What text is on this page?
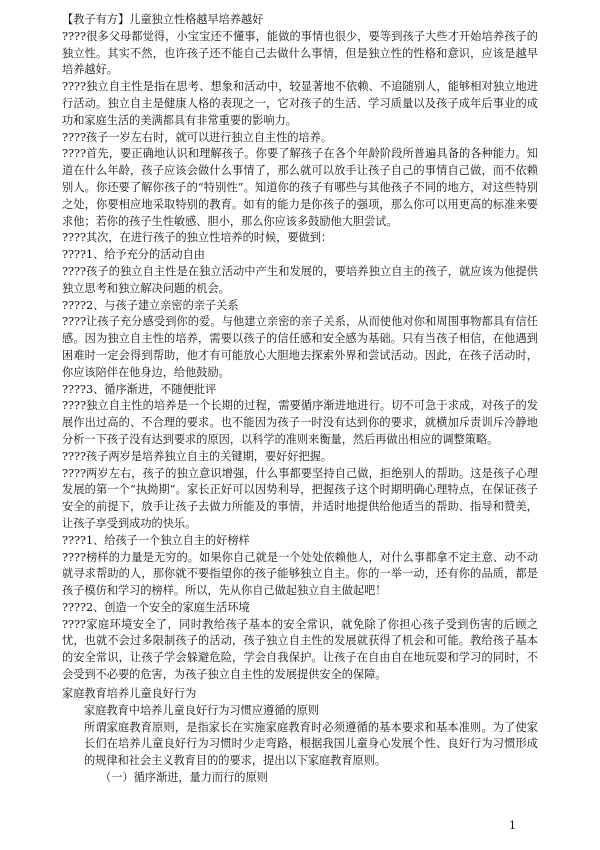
【教子有方】儿童独立性格越早培养越好

????很多父母都觉得，小宝宝还不懂事，能做的事情也很少，要等到孩子大些才开始培养孩子的独立性。其实不然，也许孩子还不能自己去做什么事情，但是独立性的性格和意识，应该是越早培养越好。

????独立自主性是指在思考、想象和活动中，较显著地不依赖、不追随别人，能够相对独立地进行活动。独立自主是健康人格的表现之一，它对孩子的生活、学习质量以及孩子成年后事业的成功和家庭生活的美满都具有非常重要的影响力。

????孩子一岁左右时，就可以进行独立自主性的培养。

????首先，要正确地认识和理解孩子。你要了解孩子在各个年龄阶段所普遍具备的各种能力。知道在什么年龄，孩子应该会做什么事情了，那么就可以放手让孩子自己的事情自己做，而不依赖别人。你还要了解你孩子的“特别性”。知道你的孩子有哪些与其他孩子不同的地方，对这些特别之处，你要相应地采取特别的教育。如有的能力是你孩子的强项，那么你可以用更高的标准来要求他；若你的孩子生性敏感、胆小，那么你应该多鼓励他大胆尝试。

????其次，在进行孩子的独立性培养的时候，要做到：

????1、给予充分的活动自由

????孩子的独立自主性是在独立活动中产生和发展的，要培养独立自主的孩子，就应该为他提供独立思考和独立解决问题的机会。

????2、与孩子建立亲密的亲子关系

????让孩子充分感受到你的爱。与他建立亲密的亲子关系，从而使他对你和周围事物都具有信任感。因为独立自主性的培养，需要以孩子的信任感和安全感为基础。只有当孩子相信，在他遇到困难时一定会得到帮助，他才有可能放心大胆地去探索外界和尝试活动。因此，在孩子活动时，你应该陪伴在他身边，给他鼓励。

????3、循序渐进，不随便批评

????独立自主性的培养是一个长期的过程，需要循序渐进地进行。切不可急于求成，对孩子的发展作出过高的、不合理的要求。也不能因为孩子一时没有达到你的要求，就横加斥责训斥冷静地分析一下孩子没有达到要求的原因，以科学的准则来衡量，然后再做出相应的调整策略。

????孩子两岁是培养独立自主的关键期，要好好把握。

????两岁左右，孩子的独立意识增强，什么事都要坚持自己做，拒绝别人的帮助。这是孩子心理发展的第一个“执拗期”。家长正好可以因势利导，把握孩子这个时期明确心理特点，在保证孩子安全的前提下，放手让孩子去做力所能及的事情，并适时地提供给他适当的帮助、指导和赞美，让孩子享受到成功的快乐。

????1、给孩子一个独立自主的好榜样

????榜样的力量是无穷的。如果你自己就是一个处处依赖他人，对什么事都拿不定主意、动不动就寻求帮助的人，那你就不要指望你的孩子能够独立自主。你的一举一动，还有你的品质，都是孩子模仿和学习的榜样。所以，先从你自己做起独立自主做起吧！

????2、创造一个安全的家庭生活环境

????家庭环境安全了，同时教给孩子基本的安全常识，就免除了你担心孩子受到伤害的后顾之忧，也就不会过多限制孩子的活动，孩子独立自主性的发展就获得了机会和可能。教给孩子基本的安全常识，让孩子学会躲避危险，学会自我保护。让孩子在自由自在地玩耍和学习的同时，不会受到不必要的危害，为孩子独立自主性的发展提供安全的保障。

家庭教育培养儿童良好行为

家庭教育中培养儿童良好行为习惯应遵循的原则

所谓家庭教育原则，是指家长在实施家庭教育时必须遵循的基本要求和基本准则。为了使家长们在培养儿童良好行为习惯时少走弯路，根据我国儿童身心发展个性、良好行为习惯形成的规律和社会主义教育目的的要求，提出以下家庭教育原则。

（一）循序渐进，量力而行的原则

1
